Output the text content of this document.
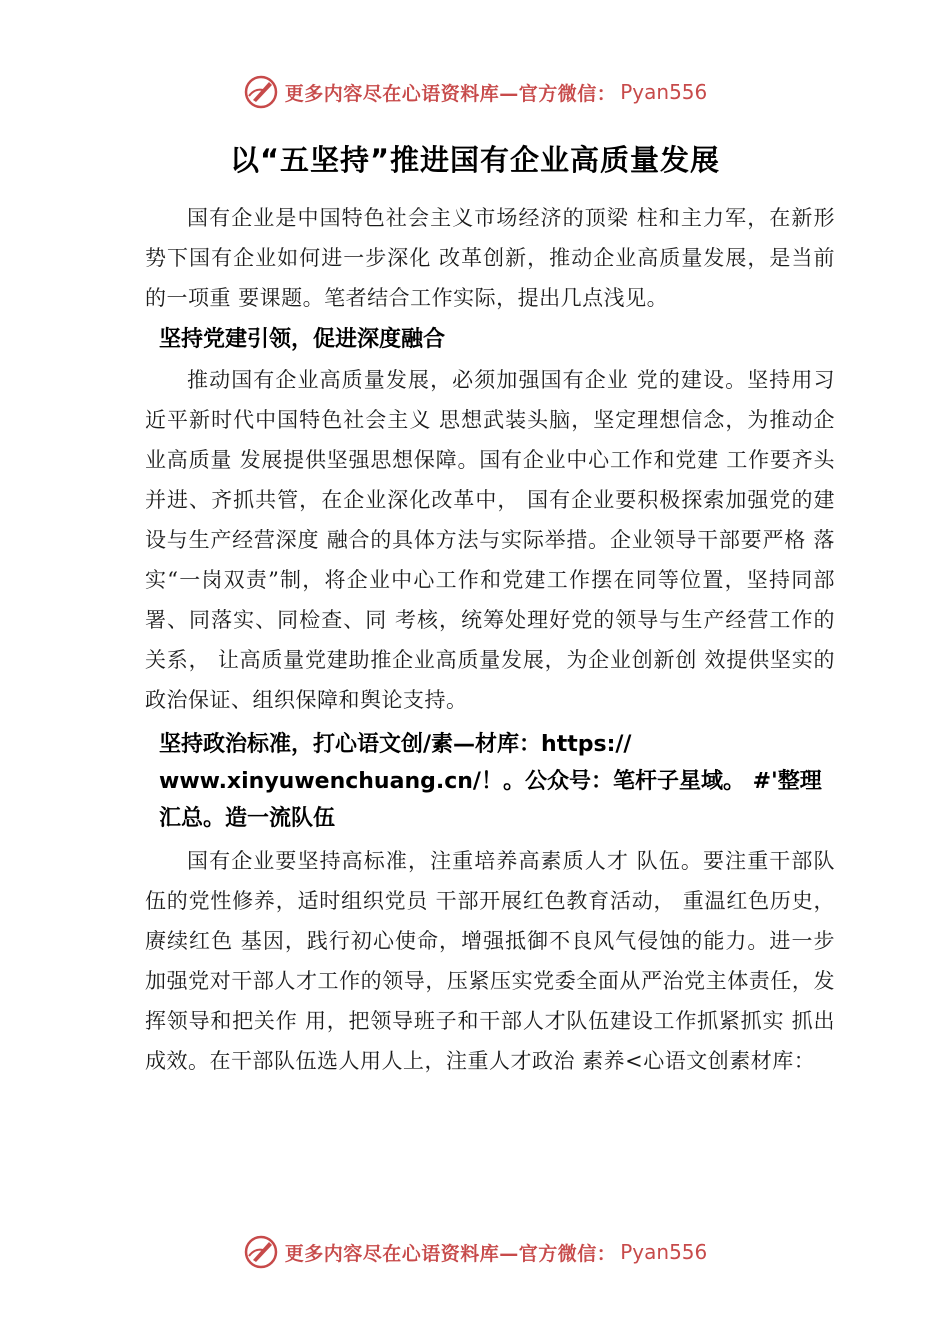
更多内容尽在心语资料库—官方微信： Pyan556
以“五坚持”推进国有企业高质量发展

国有企业是中国特色社会主义市场经济的顶梁 柱和主力军，在新形势下国有企业如何进一步深化 改革创新，推动企业高质量发展，是当前的一项重 要课题。笔者结合工作实际，提出几点浅见。

坚持党建引领，促进深度融合

推动国有企业高质量发展，必须加强国有企业 党的建设。坚持用习近平新时代中国特色社会主义 思想武装头脑，坚定理想信念，为推动企业高质量 发展提供坚强思想保障。国有企业中心工作和党建 工作要齐头并进、齐抓共管，在企业深化改革中， 国有企业要积极探索加强党的建设与生产经营深度 融合的具体方法与实际举措。企业领导干部要严格 落实“一岗双责”制，将企业中心工作和党建工作摆在同等位置，坚持同部署、同落实、同检查、同 考核，统筹处理好党的领导与生产经营工作的关系， 让高质量党建助推企业高质量发展，为企业创新创 效提供坚实的政治保证、组织保障和舆论支持。

坚持政治标准，打心语文创/素—材库：https:// www.xinyuwenchuang.cn/！。公众号：笔杆子星域。 #'整理汇总。造一流队伍

国有企业要坚持高标准，注重培养高素质人才 队伍。要注重干部队伍的党性修养，适时组织党员 干部开展红色教育活动， 重温红色历史，赓续红色 基因，践行初心使命，增强抵御不良风气侵蚀的能力。进一步加强党对干部人才工作的领导，压紧压实党委全面从严治党主体责任，发挥领导和把关作 用，把领导班子和干部人才队伍建设工作抓紧抓实 抓出成效。在干部队伍选人用人上，注重人才政治 素养<心语文创素材库：

更多内容尽在心语资料库—官方微信： Pyan556
